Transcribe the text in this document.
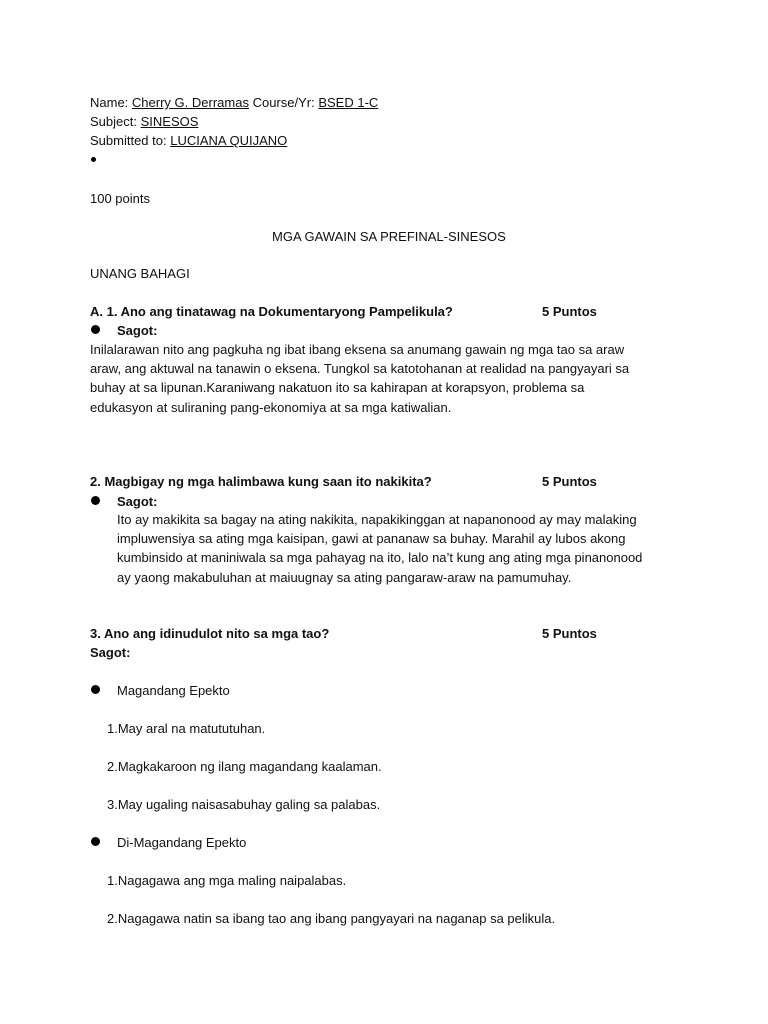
Name: Cherry G. Derramas Course/Yr: BSED 1-C
Subject: SINESOS
Submitted to: LUCIANA QUIJANO
100 points
MGA GAWAIN SA PREFINAL-SINESOS
UNANG BAHAGI
A. 1. Ano ang tinatawag na Dokumentaryong Pampelikula?	5 Puntos
Sagot:
Inilalarawan nito ang pagkuha ng ibat ibang eksena sa anumang gawain ng mga tao sa araw
araw, ang aktuwal na tanawin o eksena. Tungkol sa katotohanan at realidad na pangyayari sa
buhay at sa lipunan.Karaniwang nakatuon ito sa kahirapan at korapsyon, problema sa
edukasyon at suliraning pang-ekonomiya at sa mga katiwalian.
2. Magbigay ng mga halimbawa kung saan ito nakikita?	5 Puntos
Sagot:
Ito ay makikita sa bagay na ating nakikita, napakikinggan at napanonood ay may malaking
impluwensiya sa ating mga kaisipan, gawi at pananaw sa buhay. Marahil ay lubos akong
kumbinsido at maniniwala sa mga pahayag na ito, lalo na’t kung ang ating mga pinanonood
ay yaong makabuluhan at maiuugnay sa ating pangaraw-araw na pamumuhay.
3. Ano ang idinudulot nito sa mga tao?	5 Puntos
Sagot:
Magandang Epekto
1.May aral na matututuhan.
2.Magkakaroon ng ilang magandang kaalaman.
3.May ugaling naisasabuhay galing sa palabas.
Di-Magandang Epekto
1.Nagagawa ang mga maling naipalabas.
2.Nagagawa natin sa ibang tao ang ibang pangyayari na naganap sa pelikula.
